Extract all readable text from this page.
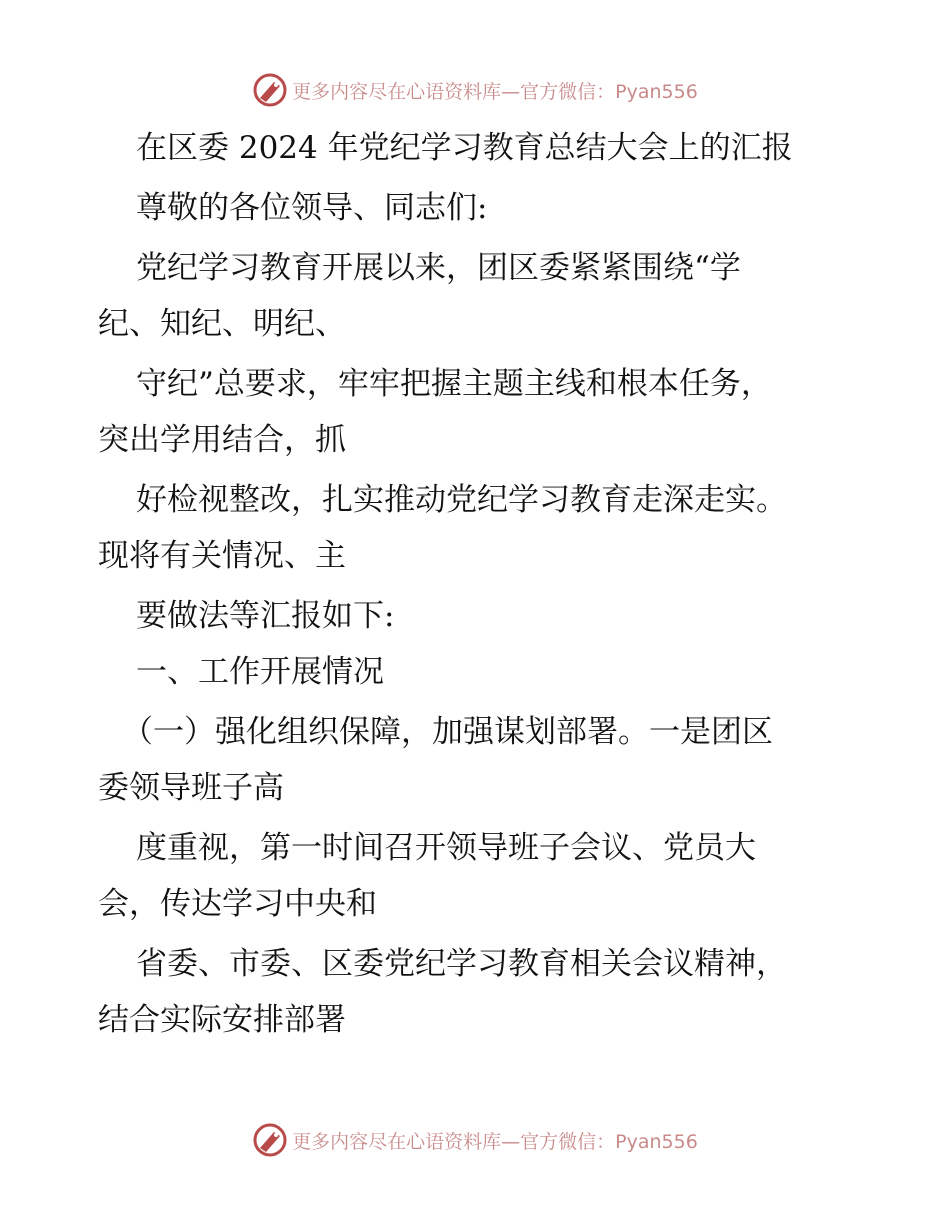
更多内容尽在心语资料库—官方微信：Pyan556
在区委 2024 年党纪学习教育总结大会上的汇报
尊敬的各位领导、同志们:
党纪学习教育开展以来，团区委紧紧围绕“学
纪、知纪、明纪、
守纪”总要求，牢牢把握主题主线和根本任务，
突出学用结合，抓
好检视整改，扎实推动党纪学习教育走深走实。
现将有关情况、主
要做法等汇报如下:
一、工作开展情况
（一）强化组织保障，加强谋划部署。一是团区
委领导班子高
度重视，第一时间召开领导班子会议、党员大
会，传达学习中央和
省委、市委、区委党纪学习教育相关会议精神，
结合实际安排部署
更多内容尽在心语资料库—官方微信：Pyan556
